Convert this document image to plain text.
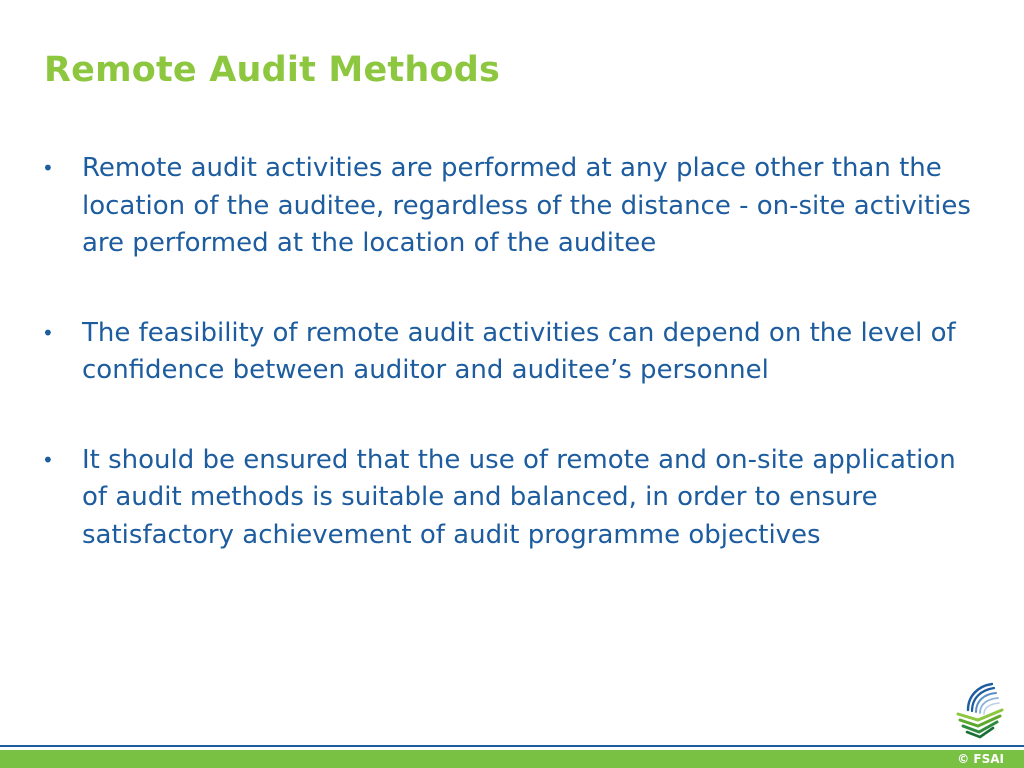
Remote Audit Methods
•	Remote audit activities are performed at any place other than the location of the auditee, regardless of the distance - on-site activities are performed at the location of the auditee
•	The feasibility of remote audit activities can depend on the level of confidence between auditor and auditee’s personnel
•	It should be ensured that the use of remote and on-site application of audit methods is suitable and balanced, in order to ensure satisfactory achievement of audit programme objectives
© FSAI
